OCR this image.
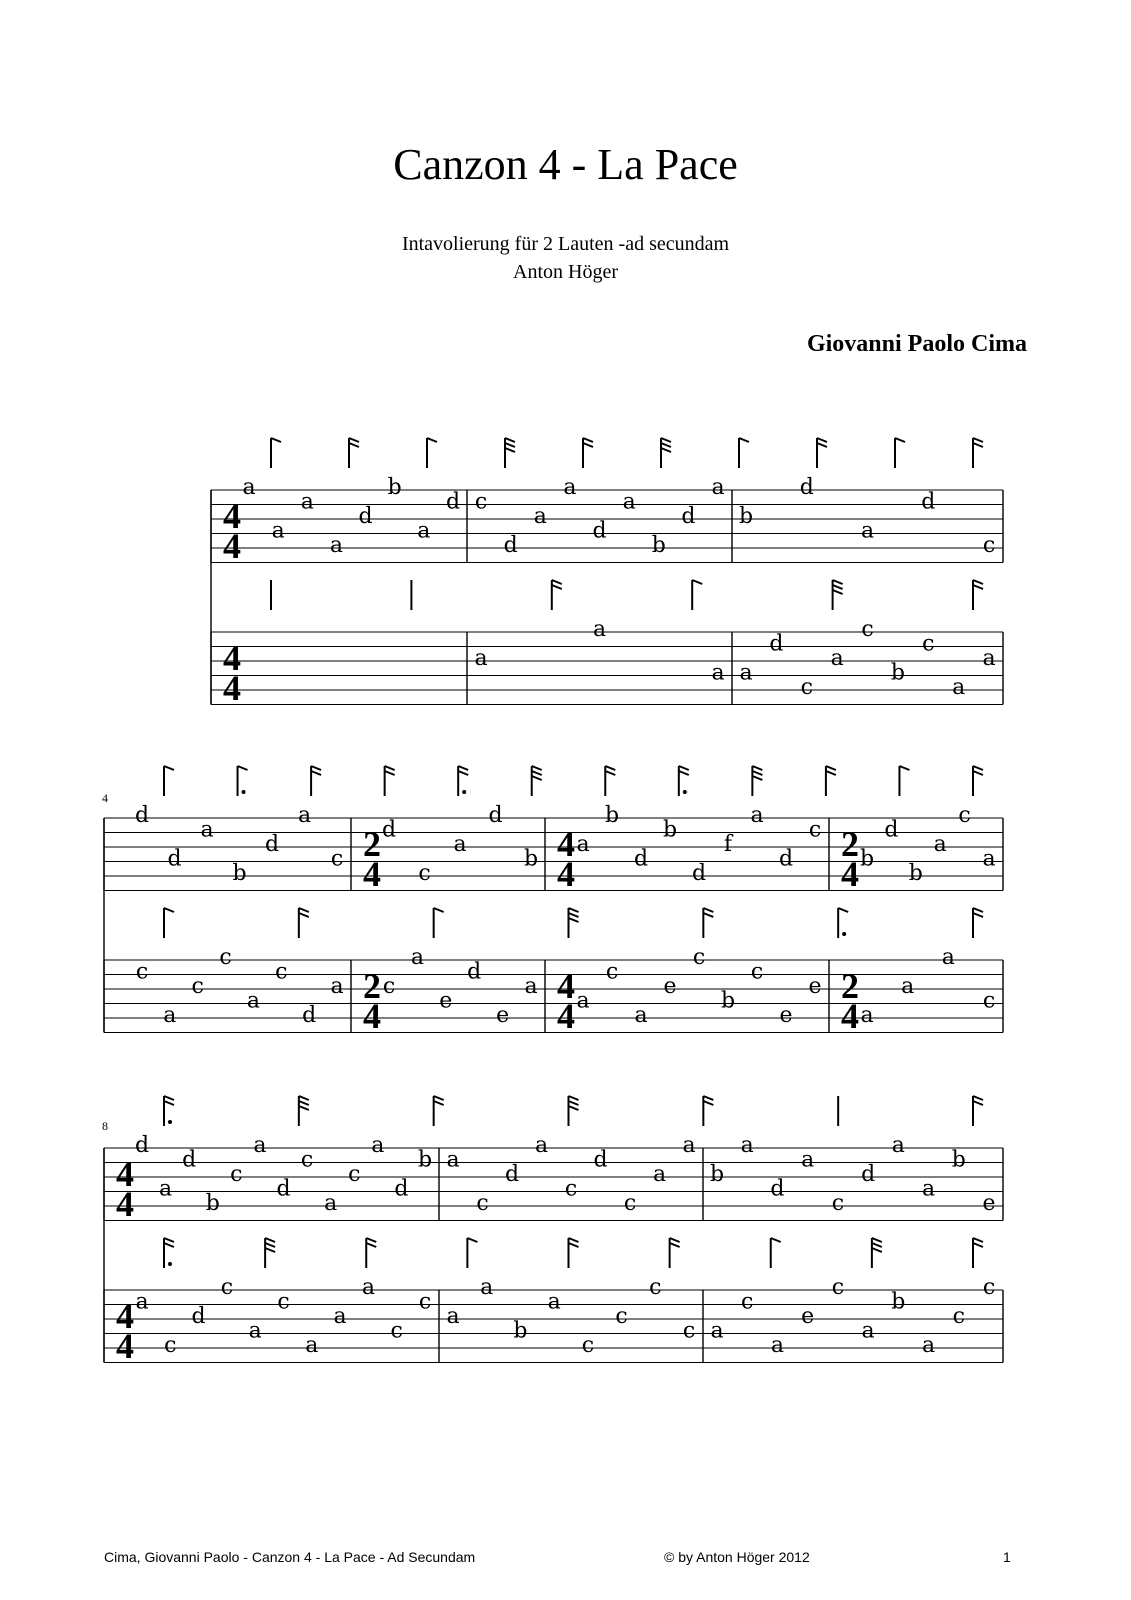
Canzon 4 - La Pace
Intavolierung für 2 Lauten -ad secundam
Anton Höger
Giovanni Paolo Cima
4
4
a
a
a
a
d
b
a
d c
d
a
a
d
a
b
d
a
b
d
a
d
c
4
4
a
a
a a
d
c
a
c
b
c
a
a
4
2
4
4
4
2
4
d
d
a
b
d
a
c
d
c
a
d
b
a
b
d
b
d
f
a
d
c
b
d
b
a
c
a
2
4
4
4
2
4
c
a
c
c
a
c
d
a c
a
e
d
e
a
a
c
a
e
c
b
c
e
e
a
a
a
c
8
4
4
d
a
d
b
c
a
d
c
a
c
a
d
b a
c
d
a
c
d
c
a
a
b
a
d
a
c
d
a
a
b
e
4
4
a
c
d
c
a
c
a
a
a
c
c
a
a
b
a
c
c
c
c a
c
a
e
c
a
b
a
c
c
Cima, Giovanni Paolo - Canzon 4 - La Pace - Ad Secundam	© by Anton Höger 2012	1
